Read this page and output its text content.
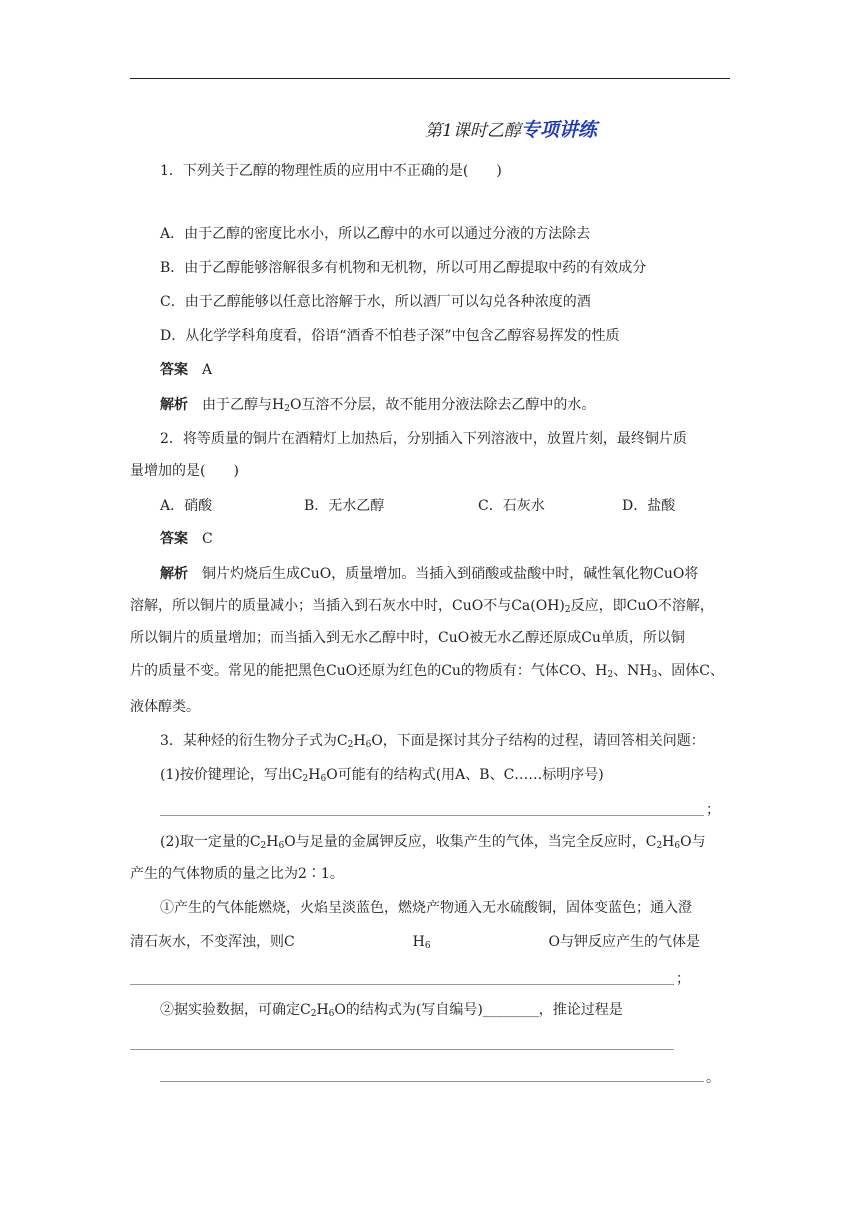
第1课时乙醇专项讲练
1．下列关于乙醇的物理性质的应用中不正确的是(　　)
A．由于乙醇的密度比水小，所以乙醇中的水可以通过分液的方法除去
B．由于乙醇能够溶解很多有机物和无机物，所以可用乙醇提取中药的有效成分
C．由于乙醇能够以任意比溶解于水，所以酒厂可以勾兑各种浓度的酒
D．从化学学科角度看，俗语“酒香不怕巷子深”中包含乙醇容易挥发的性质
答案　 A
解析　 由于乙醇与$H_2O$互溶不分层，故不能用分液法除去乙醇中的水。
2．将等质量的铜片在酒精灯上加热后，分别插入下列溶液中，放置片刻，最终铜片质
量增加的是(　　)
A．硝酸	B．无水乙醇	C．石灰水	D．盐酸
答案　 C
解析　 铜片灼烧后生成CuO，质量增加。当插入到硝酸或盐酸中时，碱性氧化物CuO将
溶解，所以铜片的质量减小；当插入到石灰水中时，CuO不与$Ca(OH)_2$反应，即CuO不溶解，
所以铜片的质量增加；而当插入到无水乙醇中时，CuO被无水乙醇还原成Cu单质，所以铜
片的质量不变。常见的能把黑色CuO还原为红色的Cu的物质有：气体CO、$H_2$、$NH_3$、固体C、
液体醇类。
3．某种烃的衍生物分子式为$C_2H_6O$，下面是探讨其分子结构的过程，请回答相关问题：
(1)按价键理论，写出$C_2H_6O$可能有的结构式(用A、B、C……标明序号)
；
(2)取一定量的$C_2H_6O$与足量的金属钾反应，收集产生的气体，当完全反应时，$C_2H_6O$与
产生的气体物质的量之比为2∶1。
①产生的气体能燃烧，火焰呈淡蓝色，燃烧产物通入无水硫酸铜，固体变蓝色；通入澄
清石灰水，不变浑浊，则C	$H_6$	O与钾反应产生的气体是
；
②据实验数据，可确定$C_2H_6O$的结构式为(写自编号)________，推论过程是
。
